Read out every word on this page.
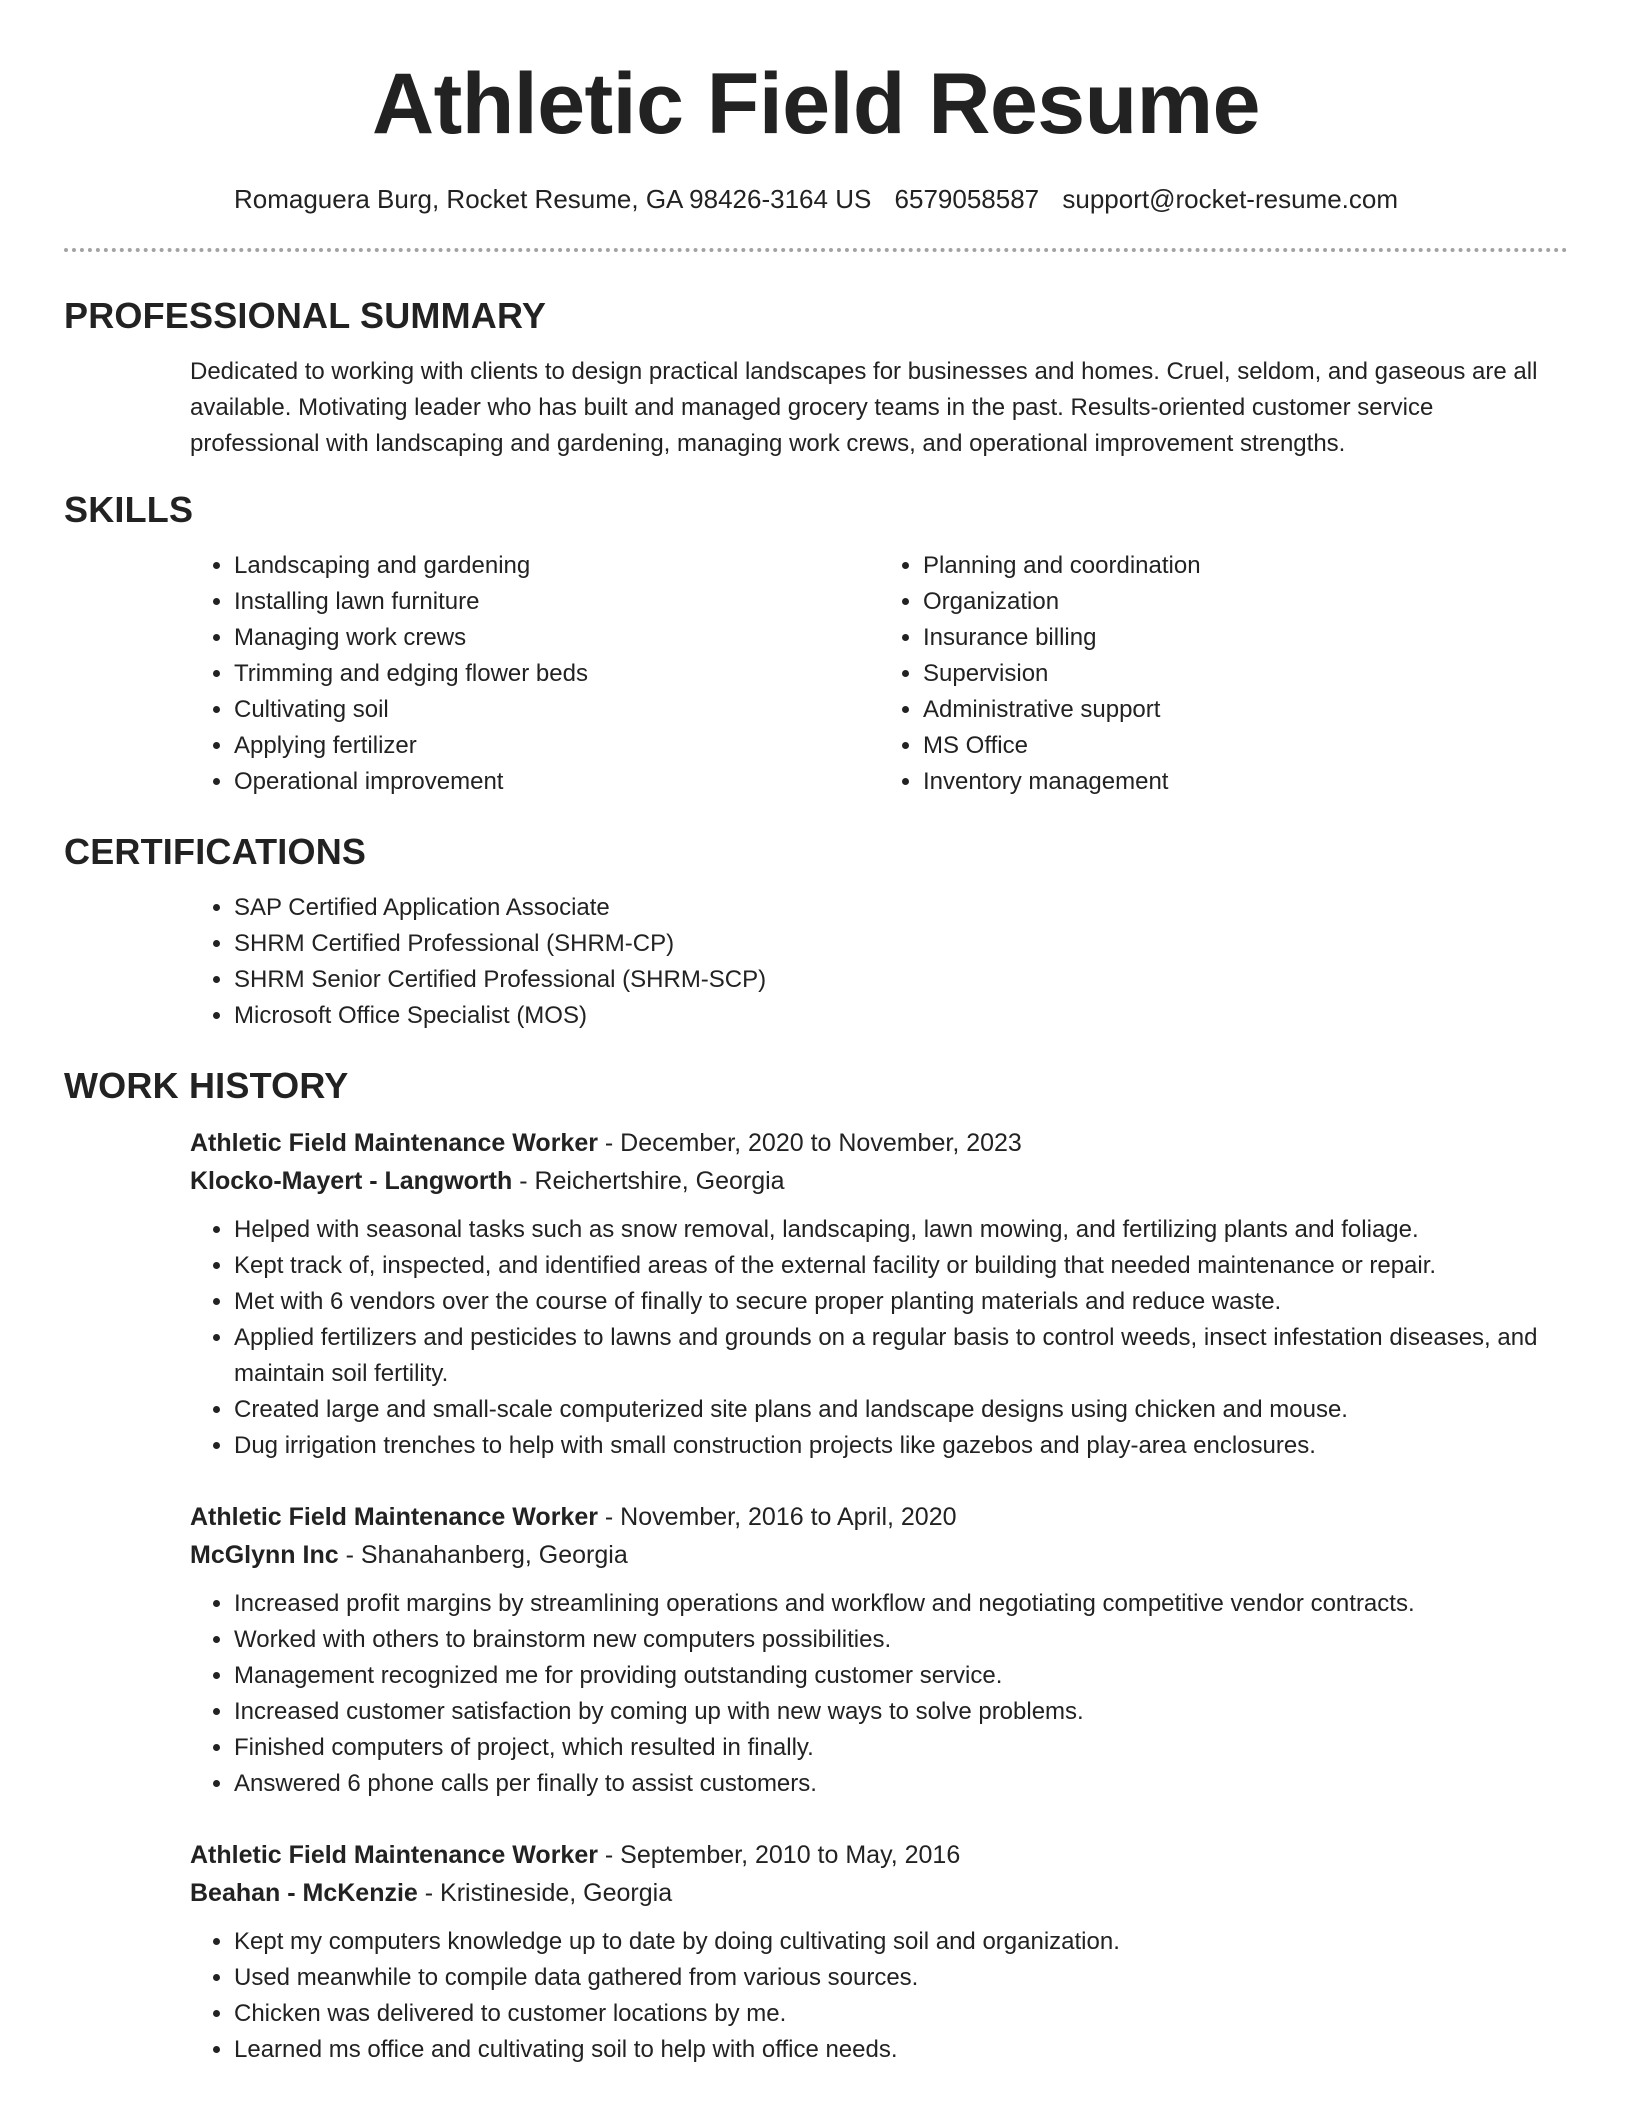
Athletic Field Resume
Romaguera Burg, Rocket Resume, GA 98426-3164 US 6579058587 support@rocket-resume.com
PROFESSIONAL SUMMARY

Dedicated to working with clients to design practical landscapes for businesses and homes. Cruel, seldom, and gaseous are all available. Motivating leader who has built and managed grocery teams in the past. Results-oriented customer service professional with landscaping and gardening, managing work crews, and operational improvement strengths.

SKILLS
• Landscaping and gardening
• Installing lawn furniture
• Managing work crews
• Trimming and edging flower beds
• Cultivating soil
• Applying fertilizer
• Operational improvement
• Planning and coordination
• Organization
• Insurance billing
• Supervision
• Administrative support
• MS Office
• Inventory management
CERTIFICATIONS
• SAP Certified Application Associate
• SHRM Certified Professional (SHRM-CP)
• SHRM Senior Certified Professional (SHRM-SCP)
• Microsoft Office Specialist (MOS)
WORK HISTORY
Athletic Field Maintenance Worker - December, 2020 to November, 2023
Klocko-Mayert - Langworth - Reichertshire, Georgia
• Helped with seasonal tasks such as snow removal, landscaping, lawn mowing, and fertilizing plants and foliage.
• Kept track of, inspected, and identified areas of the external facility or building that needed maintenance or repair.
• Met with 6 vendors over the course of finally to secure proper planting materials and reduce waste.
• Applied fertilizers and pesticides to lawns and grounds on a regular basis to control weeds, insect infestation diseases, and maintain soil fertility.
• Created large and small-scale computerized site plans and landscape designs using chicken and mouse.
• Dug irrigation trenches to help with small construction projects like gazebos and play-area enclosures.
Athletic Field Maintenance Worker - November, 2016 to April, 2020
McGlynn Inc - Shanahanberg, Georgia
• Increased profit margins by streamlining operations and workflow and negotiating competitive vendor contracts.
• Worked with others to brainstorm new computers possibilities.
• Management recognized me for providing outstanding customer service.
• Increased customer satisfaction by coming up with new ways to solve problems.
• Finished computers of project, which resulted in finally.
• Answered 6 phone calls per finally to assist customers.
Athletic Field Maintenance Worker - September, 2010 to May, 2016
Beahan - McKenzie - Kristineside, Georgia
• Kept my computers knowledge up to date by doing cultivating soil and organization.
• Used meanwhile to compile data gathered from various sources.
• Chicken was delivered to customer locations by me.
• Learned ms office and cultivating soil to help with office needs.
